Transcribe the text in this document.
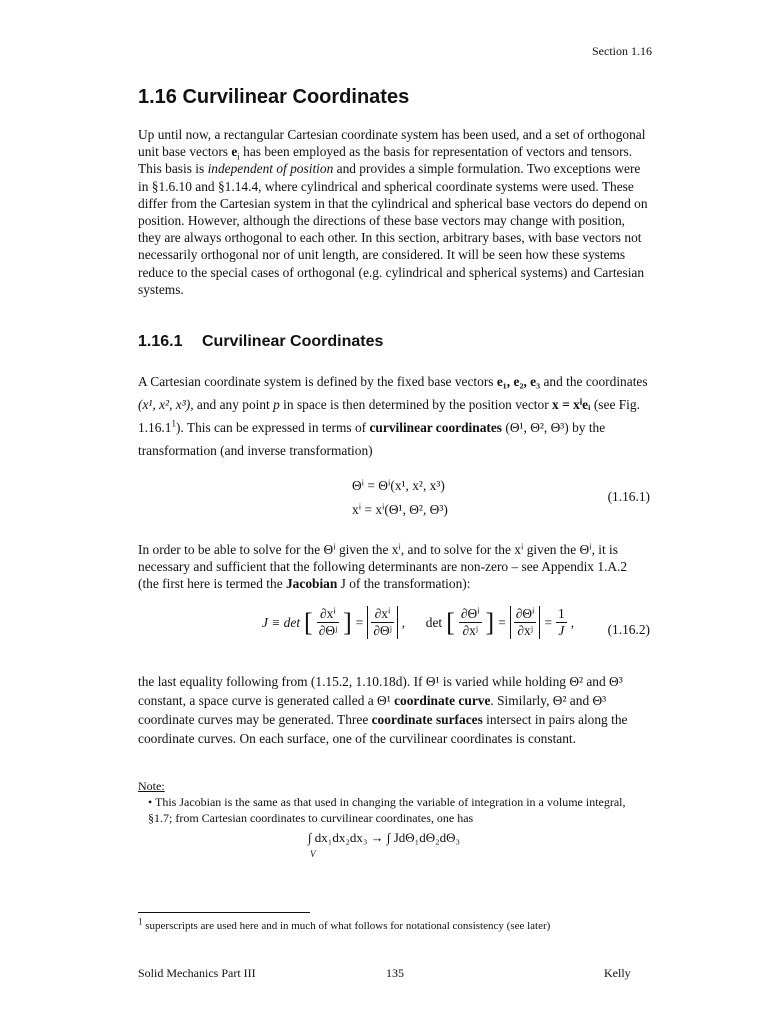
Section 1.16
1.16 Curvilinear Coordinates

Up until now, a rectangular Cartesian coordinate system has been used, and a set of orthogonal unit base vectors $e_i$ has been employed as the basis for representation of vectors and tensors. This basis is independent of position and provides a simple formulation. Two exceptions were in §1.6.10 and §1.14.4, where cylindrical and spherical coordinate systems were used. These differ from the Cartesian system in that the cylindrical and spherical base vectors do depend on position. However, although the directions of these base vectors may change with position, they are always orthogonal to each other. In this section, arbitrary bases, with base vectors not necessarily orthogonal nor of unit length, are considered. It will be seen how these systems reduce to the special cases of orthogonal (e.g. cylindrical and spherical systems) and Cartesian systems.

1.16.1 Curvilinear Coordinates

A Cartesian coordinate system is defined by the fixed base vectors e₁, e₂, e₃ and the coordinates (x¹, x², x³), and any point p in space is then determined by the position vector x = xⁱeᵢ (see Fig. 1.16.1$^1$). This can be expressed in terms of curvilinear coordinates (Θ¹, Θ², Θ³) by the transformation (and inverse transformation)

Θⁱ = Θⁱ(x¹, x², x³)
xⁱ = xⁱ(Θ¹, Θ², Θ³)
(1.16.1)

In order to be able to solve for the Θⁱ given the xⁱ, and to solve for the xⁱ given the Θⁱ, it is necessary and sufficient that the following determinants are non-zero – see Appendix 1.A.2 (the first here is termed the Jacobian J of the transformation):

J ≡ det [ $\frac{\text{∂xⁱ}}{\text{∂Θʲ}}$ ] = $\frac{\text{∂xⁱ}}{\text{∂Θʲ}}$ , det [ $\frac{\text{∂Θⁱ}}{\text{∂xʲ}}$ ] = $\frac{\text{∂Θⁱ}}{\text{∂xʲ}} = \frac{1}{J}$ ,	(1.16.2)

the last equality following from (1.15.2, 1.10.18d). If Θ¹ is varied while holding Θ² and Θ³ constant, a space curve is generated called a Θ¹ coordinate curve. Similarly, Θ² and Θ³ coordinate curves may be generated. Three coordinate surfaces intersect in pairs along the coordinate curves. On each surface, one of the curvilinear coordinates is constant.

Note:
• This Jacobian is the same as that used in changing the variable of integration in a volume integral, §1.7; from Cartesian coordinates to curvilinear coordinates, one has
∫ dx₁dx₂dx₃ → ∫ JdΘ₁dΘ₂dΘ₃
V
$^1$ superscripts are used here and in much of what follows for notational consistency (see later)
Solid Mechanics Part III	135	Kelly
